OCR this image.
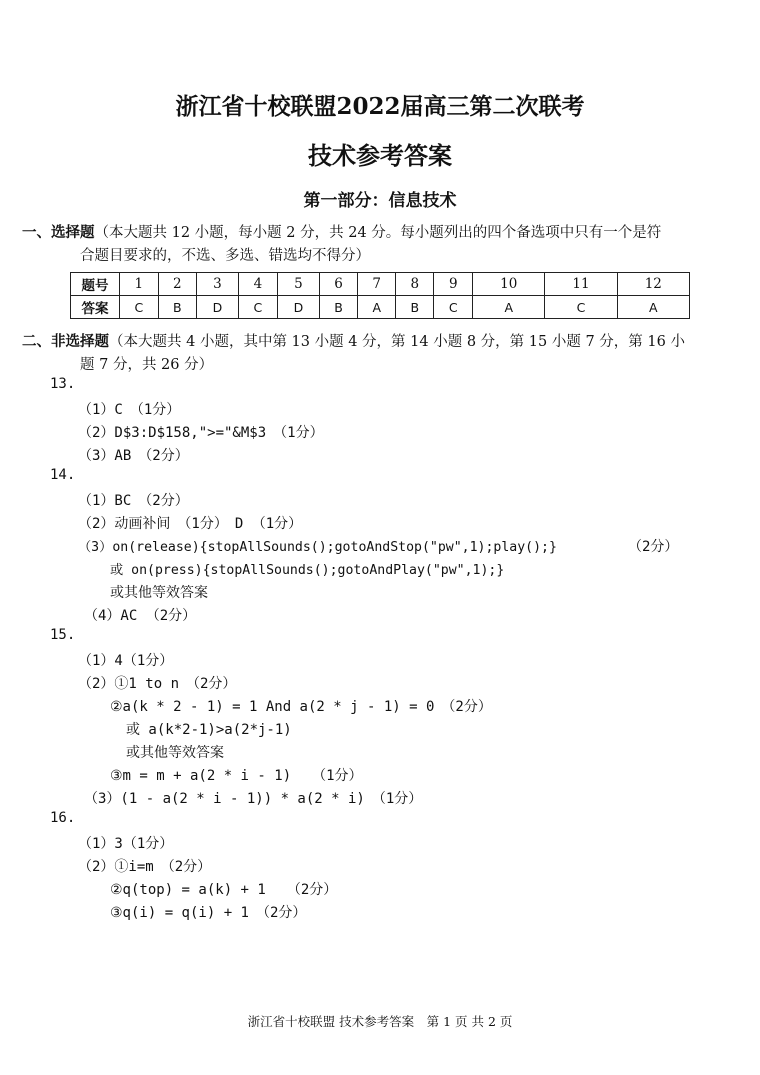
浙江省十校联盟2022届高三第二次联考
技术参考答案
第一部分：信息技术
一、选择题（本大题共 12 小题，每小题 2 分，共 24 分。每小题列出的四个备选项中只有一个是符
合题目要求的，不选、多选、错选均不得分）
题号	1	2	3	4	5	6	7	8	9	10	11	12
答案	C	B	D	C	D	B	A	B	C	A	C	A
二、非选择题（本大题共 4 小题，其中第 13 小题 4 分，第 14 小题 8 分，第 15 小题 7 分，第 16 小
题 7 分，共 26 分）
13.
（1）C　（1分）
（2）D$3:D$158,">="&M$3　（1分）
（3）AB　（2分）
14.
（1）BC　（2分）
（2）动画补间　（1分）　D （1分）
（3）on(release){stopAllSounds();gotoAndStop("pw",1);play();}	（2分）
或 on(press){stopAllSounds();gotoAndPlay("pw",1);}
或其他等效答案
（4）AC （2分）
15.
（1）4（1分）
（2）①1 to n　（2分）
②a(k * 2 - 1) = 1 And a(2 * j - 1) = 0　（2分）
或 a(k*2-1)>a(2*j-1)
或其他等效答案
③m = m + a(2 * i - 1)　　（1分）
（3）(1 - a(2 * i - 1)) * a(2 * i)　（1分）
16.
（1）3（1分）
（2）①i=m　（2分）
②q(top) = a(k) + 1　　（2分）
③q(i) = q(i) + 1　（2分）
浙江省十校联盟 技术参考答案　第 1 页 共 2 页
